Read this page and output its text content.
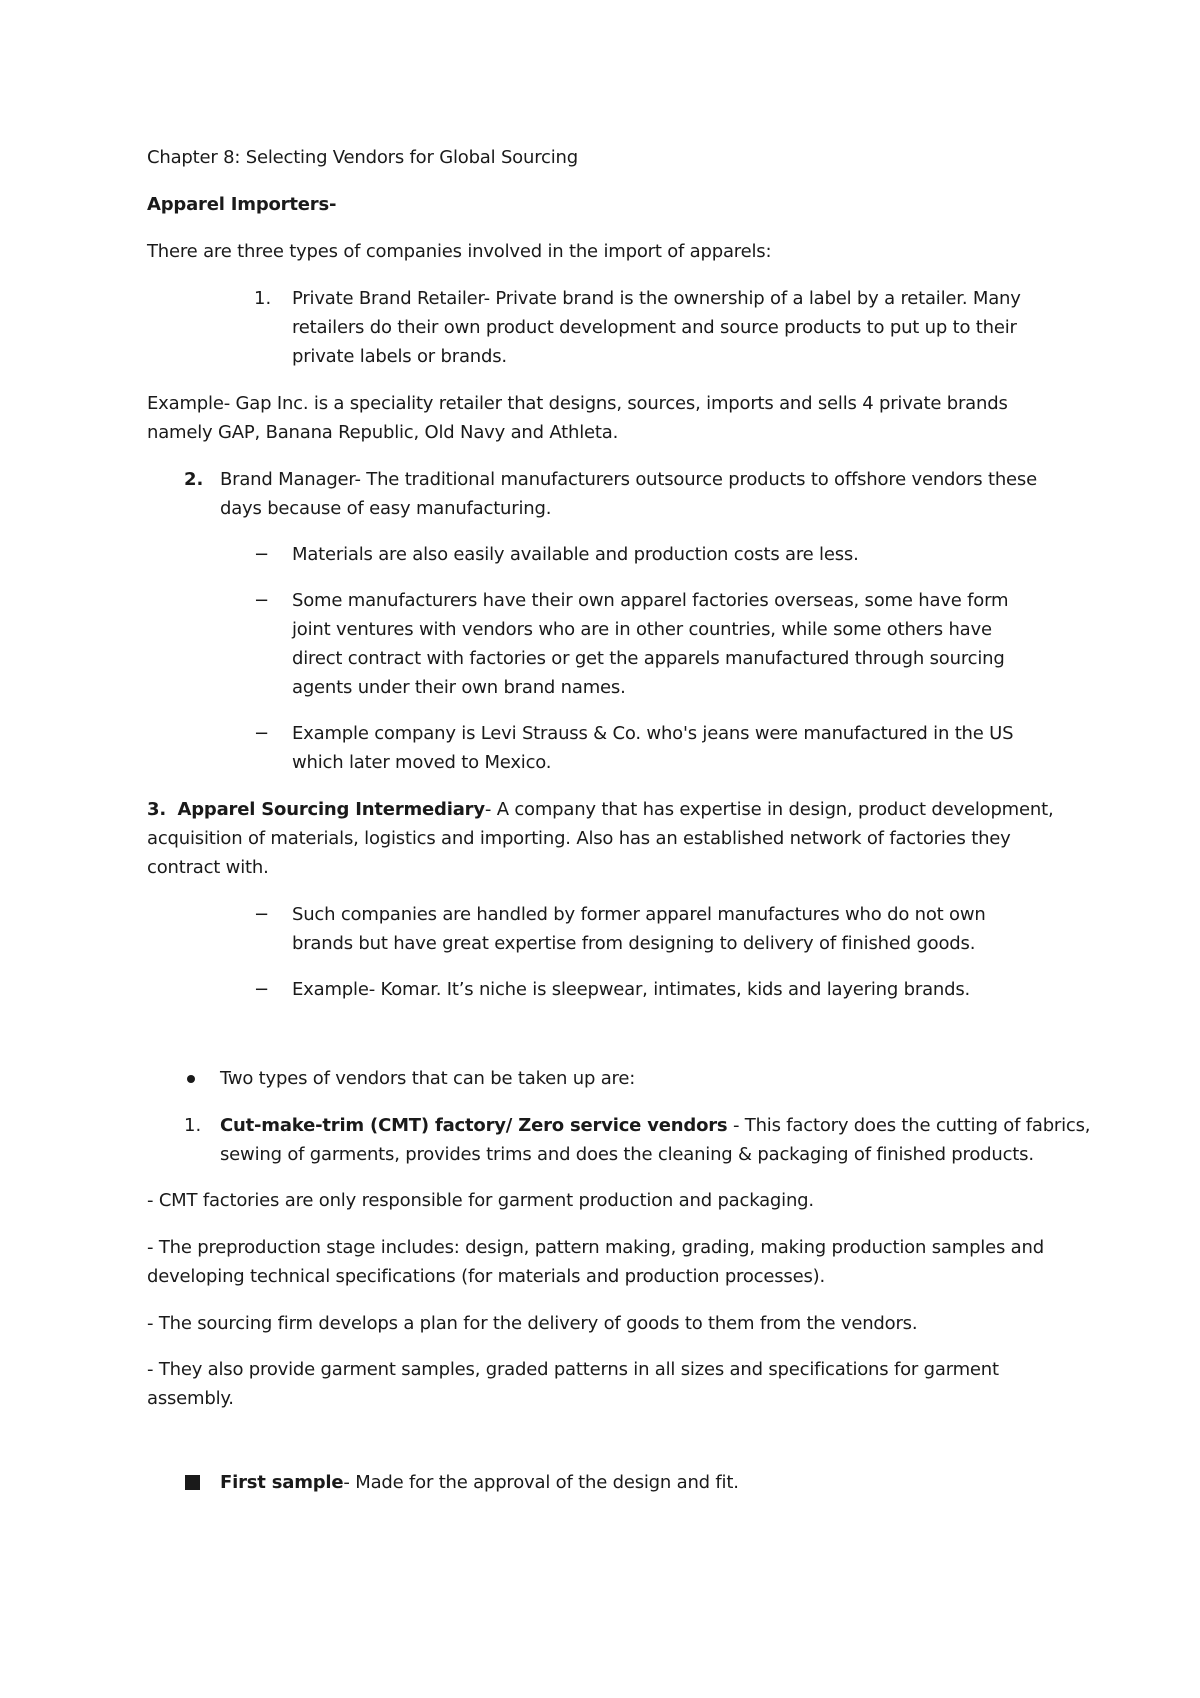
Chapter 8: Selecting Vendors for Global Sourcing
Apparel Importers-
There are three types of companies involved in the import of apparels:
1. Private Brand Retailer- Private brand is the ownership of a label by a retailer. Many
retailers do their own product development and source products to put up to their
private labels or brands.
Example- Gap Inc. is a speciality retailer that designs, sources, imports and sells 4 private brands
namely GAP, Banana Republic, Old Navy and Athleta.
2. Brand Manager- The traditional manufacturers outsource products to offshore vendors these
days because of easy manufacturing.
− Materials are also easily available and production costs are less.
− Some manufacturers have their own apparel factories overseas, some have form
joint ventures with vendors who are in other countries, while some others have
direct contract with factories or get the apparels manufactured through sourcing
agents under their own brand names.
− Example company is Levi Strauss & Co. who's jeans were manufactured in the US
which later moved to Mexico.
3. Apparel Sourcing Intermediary- A company that has expertise in design, product development,
acquisition of materials, logistics and importing. Also has an established network of factories they
contract with.
− Such companies are handled by former apparel manufactures who do not own
brands but have great expertise from designing to delivery of finished goods.
− Example- Komar. It’s niche is sleepwear, intimates, kids and layering brands.
Two types of vendors that can be taken up are:
1. Cut-make-trim (CMT) factory/ Zero service vendors - This factory does the cutting of fabrics,
sewing of garments, provides trims and does the cleaning & packaging of finished products.
- CMT factories are only responsible for garment production and packaging.
- The preproduction stage includes: design, pattern making, grading, making production samples and
developing technical specifications (for materials and production processes).
- The sourcing firm develops a plan for the delivery of goods to them from the vendors.
- They also provide garment samples, graded patterns in all sizes and specifications for garment
assembly.
First sample- Made for the approval of the design and fit.
